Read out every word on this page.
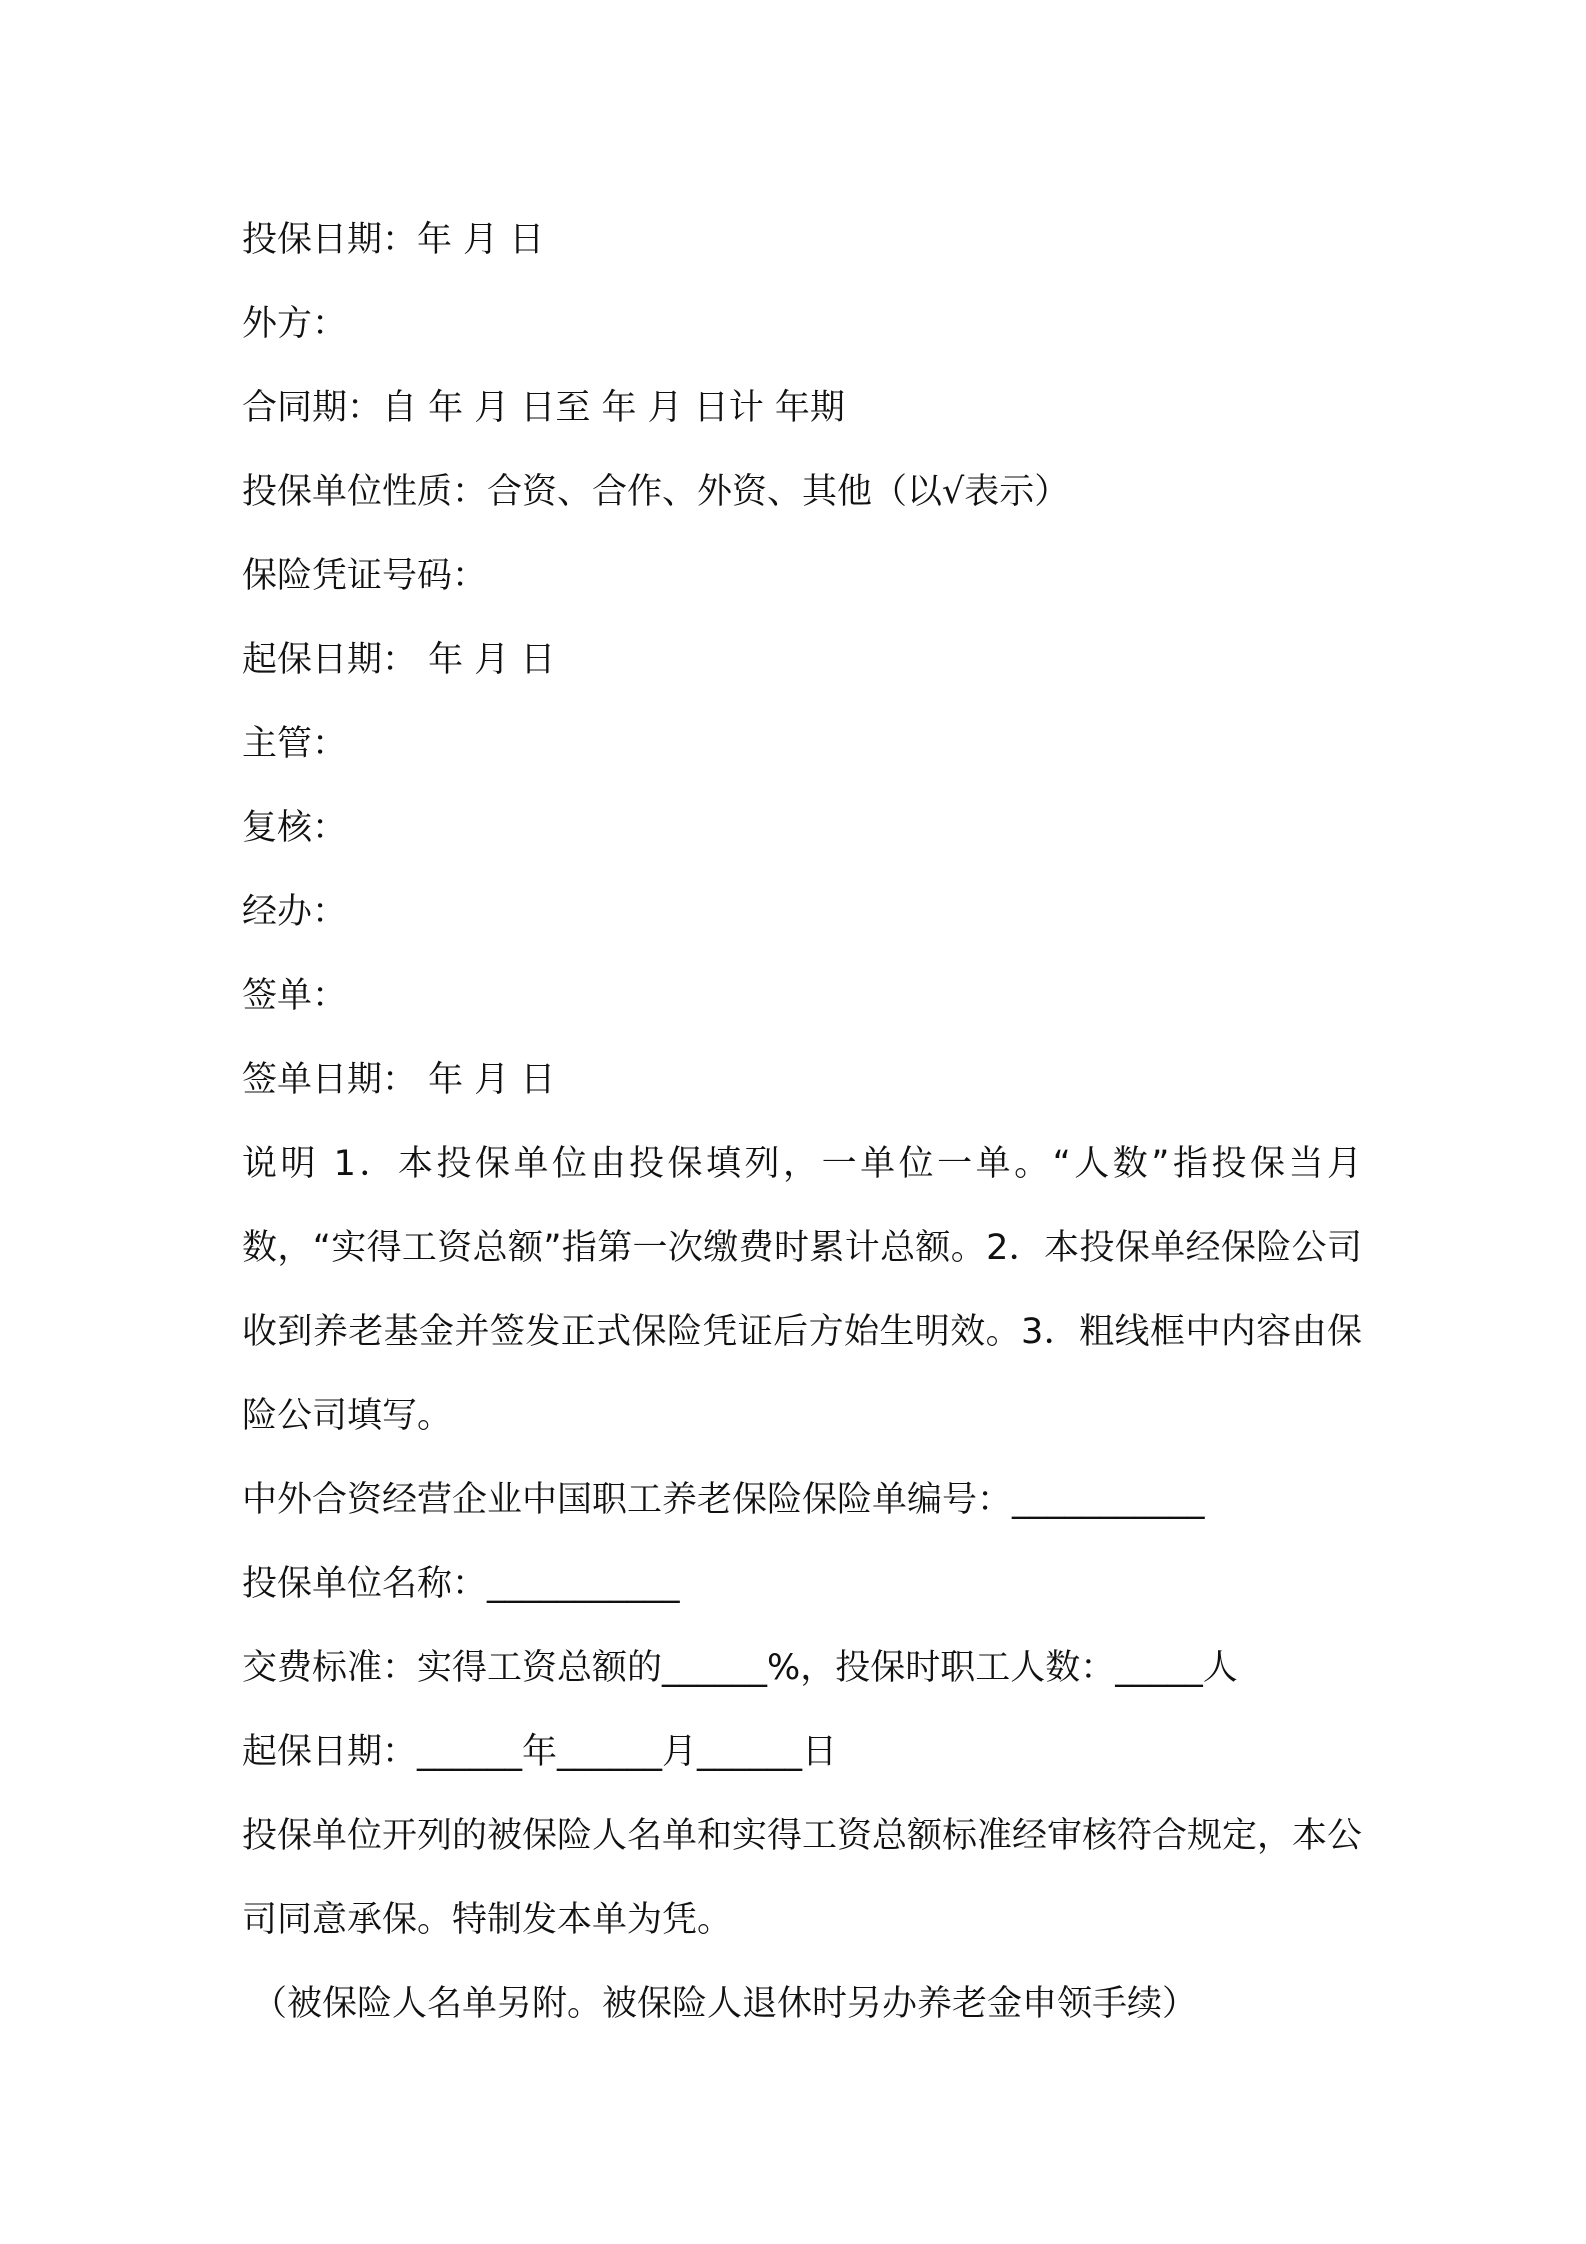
投保日期：年 月 日

外方：

合同期：自 年 月 日至 年 月 日计 年期

投保单位性质：合资、合作、外资、其他（以√表示）

保险凭证号码：

起保日期： 年 月 日

主管：

复核：

经办：

签单：

签单日期： 年 月 日

说明 1．本投保单位由投保填列，一单位一单。“人数”指投保当月数，“实得工资总额”指第一次缴费时累计总额。2．本投保单经保险公司收到养老基金并签发正式保险凭证后方始生明效。3．粗线框中内容由保险公司填写。

中外合资经营企业中国职工养老保险保险单编号：___________

投保单位名称：___________

交费标准：实得工资总额的______%，投保时职工人数：_____人

起保日期：______年______月______日

投保单位开列的被保险人名单和实得工资总额标准经审核符合规定，本公司同意承保。特制发本单为凭。

（被保险人名单另附。被保险人退休时另办养老金申领手续）
